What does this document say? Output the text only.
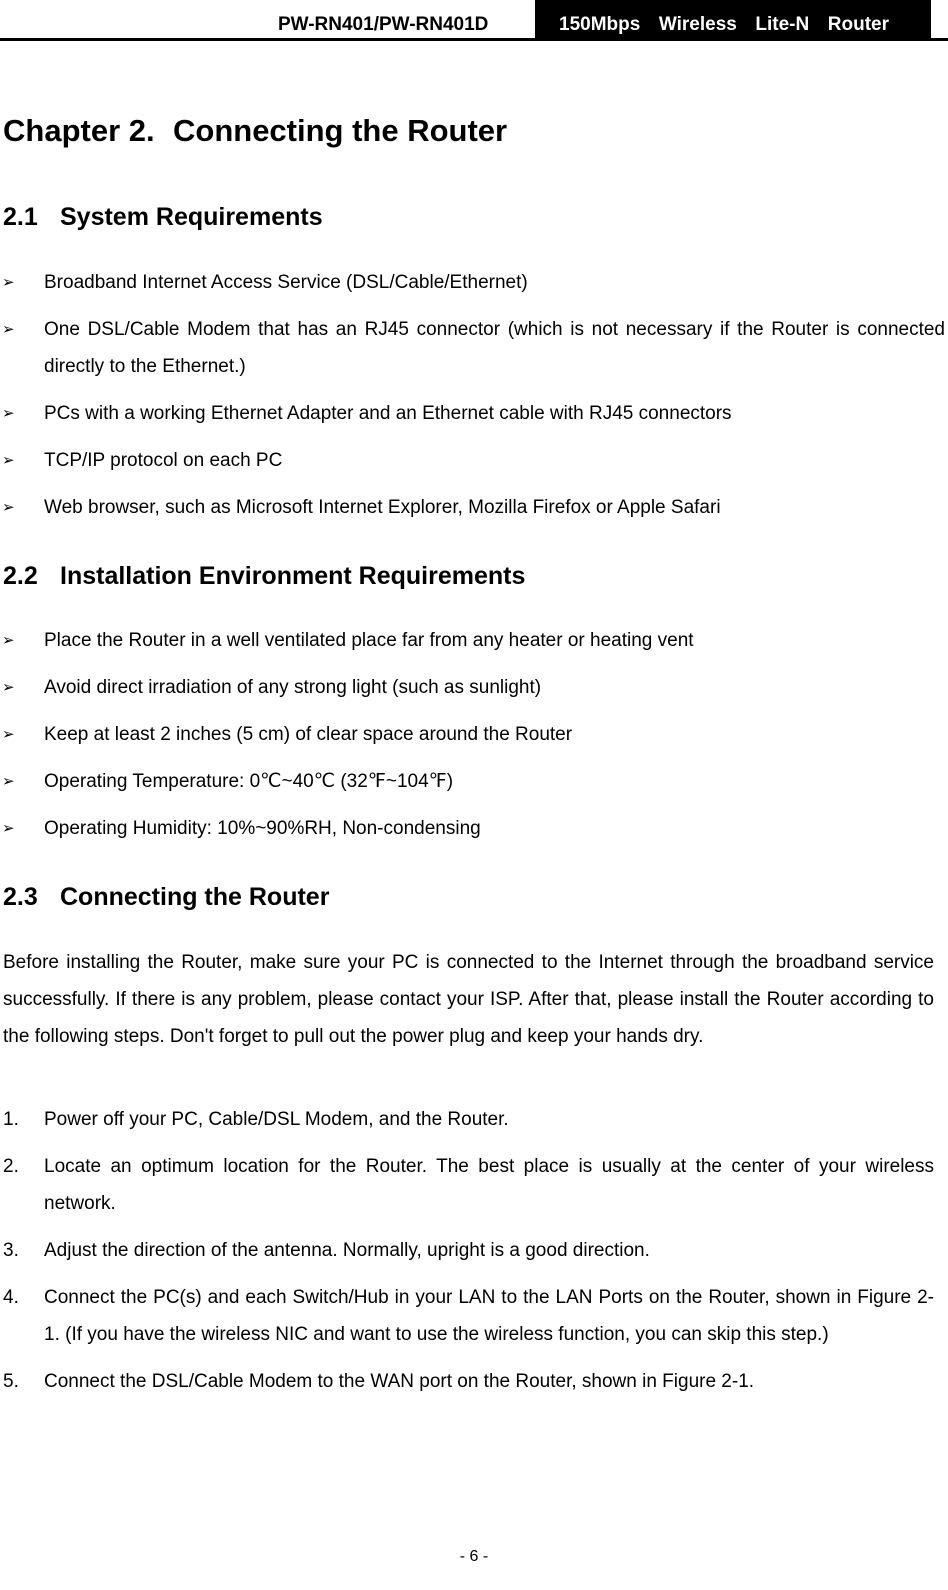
PW-RN401/PW-RN401D	150Mbps  Wireless  Lite-N  Router
Chapter 2. Connecting the Router
2.1 System Requirements
➢ Broadband Internet Access Service (DSL/Cable/Ethernet)
➢ One DSL/Cable Modem that has an RJ45 connector (which is not necessary if the Router is connected directly to the Ethernet.)
➢ PCs with a working Ethernet Adapter and an Ethernet cable with RJ45 connectors
➢ TCP/IP protocol on each PC
➢ Web browser, such as Microsoft Internet Explorer, Mozilla Firefox or Apple Safari
2.2 Installation Environment Requirements
➢ Place the Router in a well ventilated place far from any heater or heating vent
➢ Avoid direct irradiation of any strong light (such as sunlight)
➢ Keep at least 2 inches (5 cm) of clear space around the Router
➢ Operating Temperature: 0℃~40℃ (32℉~104℉)
➢ Operating Humidity: 10%~90%RH, Non-condensing
2.3 Connecting the Router
Before installing the Router, make sure your PC is connected to the Internet through the broadband service successfully. If there is any problem, please contact your ISP. After that, please install the Router according to the following steps. Don't forget to pull out the power plug and keep your hands dry.
1. Power off your PC, Cable/DSL Modem, and the Router.
2. Locate an optimum location for the Router. The best place is usually at the center of your wireless network.
3. Adjust the direction of the antenna. Normally, upright is a good direction.
4. Connect the PC(s) and each Switch/Hub in your LAN to the LAN Ports on the Router, shown in Figure 2-1. (If you have the wireless NIC and want to use the wireless function, you can skip this step.)
5. Connect the DSL/Cable Modem to the WAN port on the Router, shown in Figure 2-1.
- 6 -
